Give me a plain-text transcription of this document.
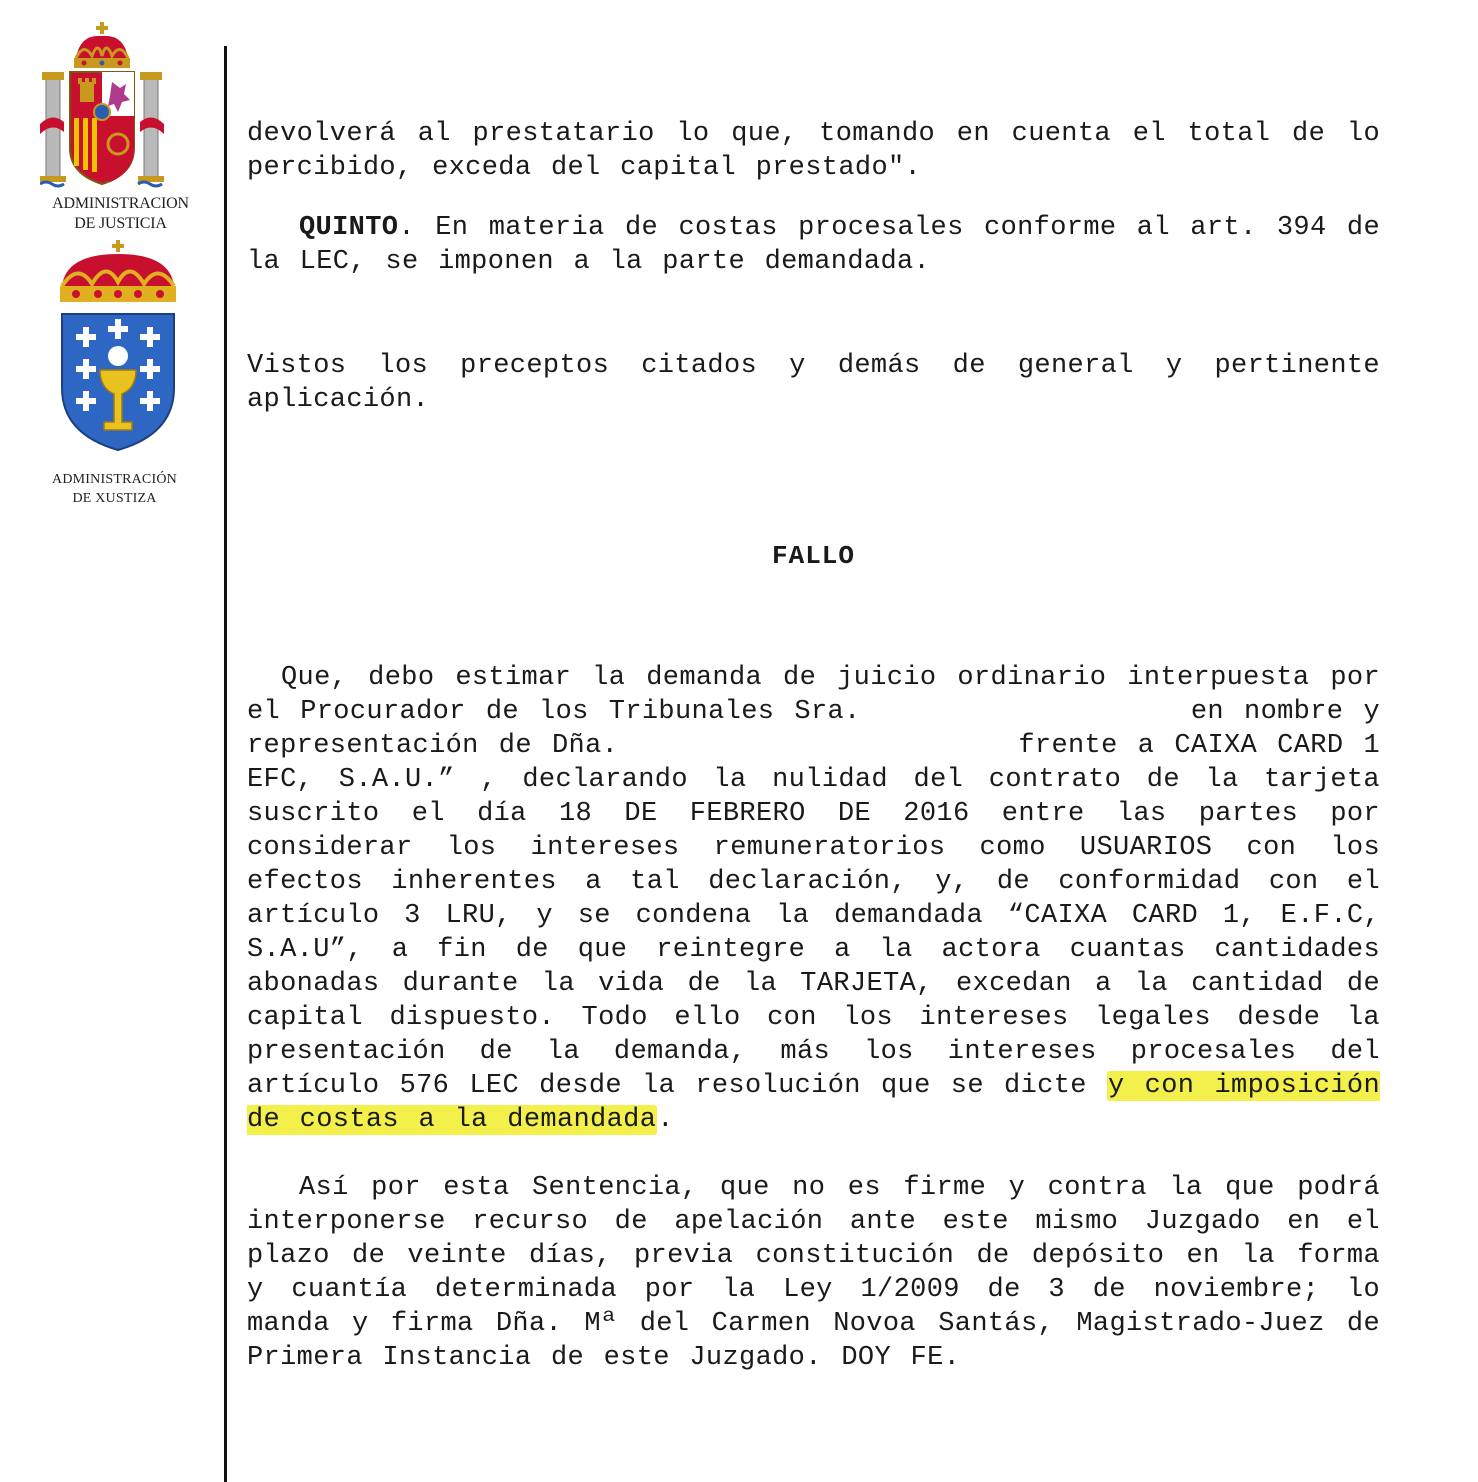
ADMINISTRACION
DE JUSTICIA
ADMINISTRACIÓN
DE XUSTIZA

devolverá al prestatario lo que, tomando en cuenta el total de lo percibido, exceda del capital prestado".

QUINTO. En materia de costas procesales conforme al art. 394 de la LEC, se imponen a la parte demandada.

Vistos los preceptos citados y demás de general y pertinente aplicación.

FALLO

Que, debo estimar la demanda de juicio ordinario interpuesta por el Procurador de los Tribunales Sra.	en nombre y representación de Dña.	frente a CAIXA CARD 1 EFC, S.A.U.” , declarando la nulidad del contrato de la tarjeta suscrito el día 18 DE FEBRERO DE 2016 entre las partes por considerar los intereses remuneratorios como USUARIOS con los efectos inherentes a tal declaración, y, de conformidad con el artículo 3 LRU, y se condena la demandada “CAIXA CARD 1, E.F.C, S.A.U”, a fin de que reintegre a la actora cuantas cantidades abonadas durante la vida de la TARJETA, excedan a la cantidad de capital dispuesto. Todo ello con los intereses legales desde la presentación de la demanda, más los intereses procesales del artículo 576 LEC desde la resolución que se dicte y con imposición de costas a la demandada.

Así por esta Sentencia, que no es firme y contra la que podrá interponerse recurso de apelación ante este mismo Juzgado en el plazo de veinte días, previa constitución de depósito en la forma y cuantía determinada por la Ley 1/2009 de 3 de noviembre; lo manda y firma Dña. Mª del Carmen Novoa Santás, Magistrado-Juez de Primera Instancia de este Juzgado. DOY FE.
